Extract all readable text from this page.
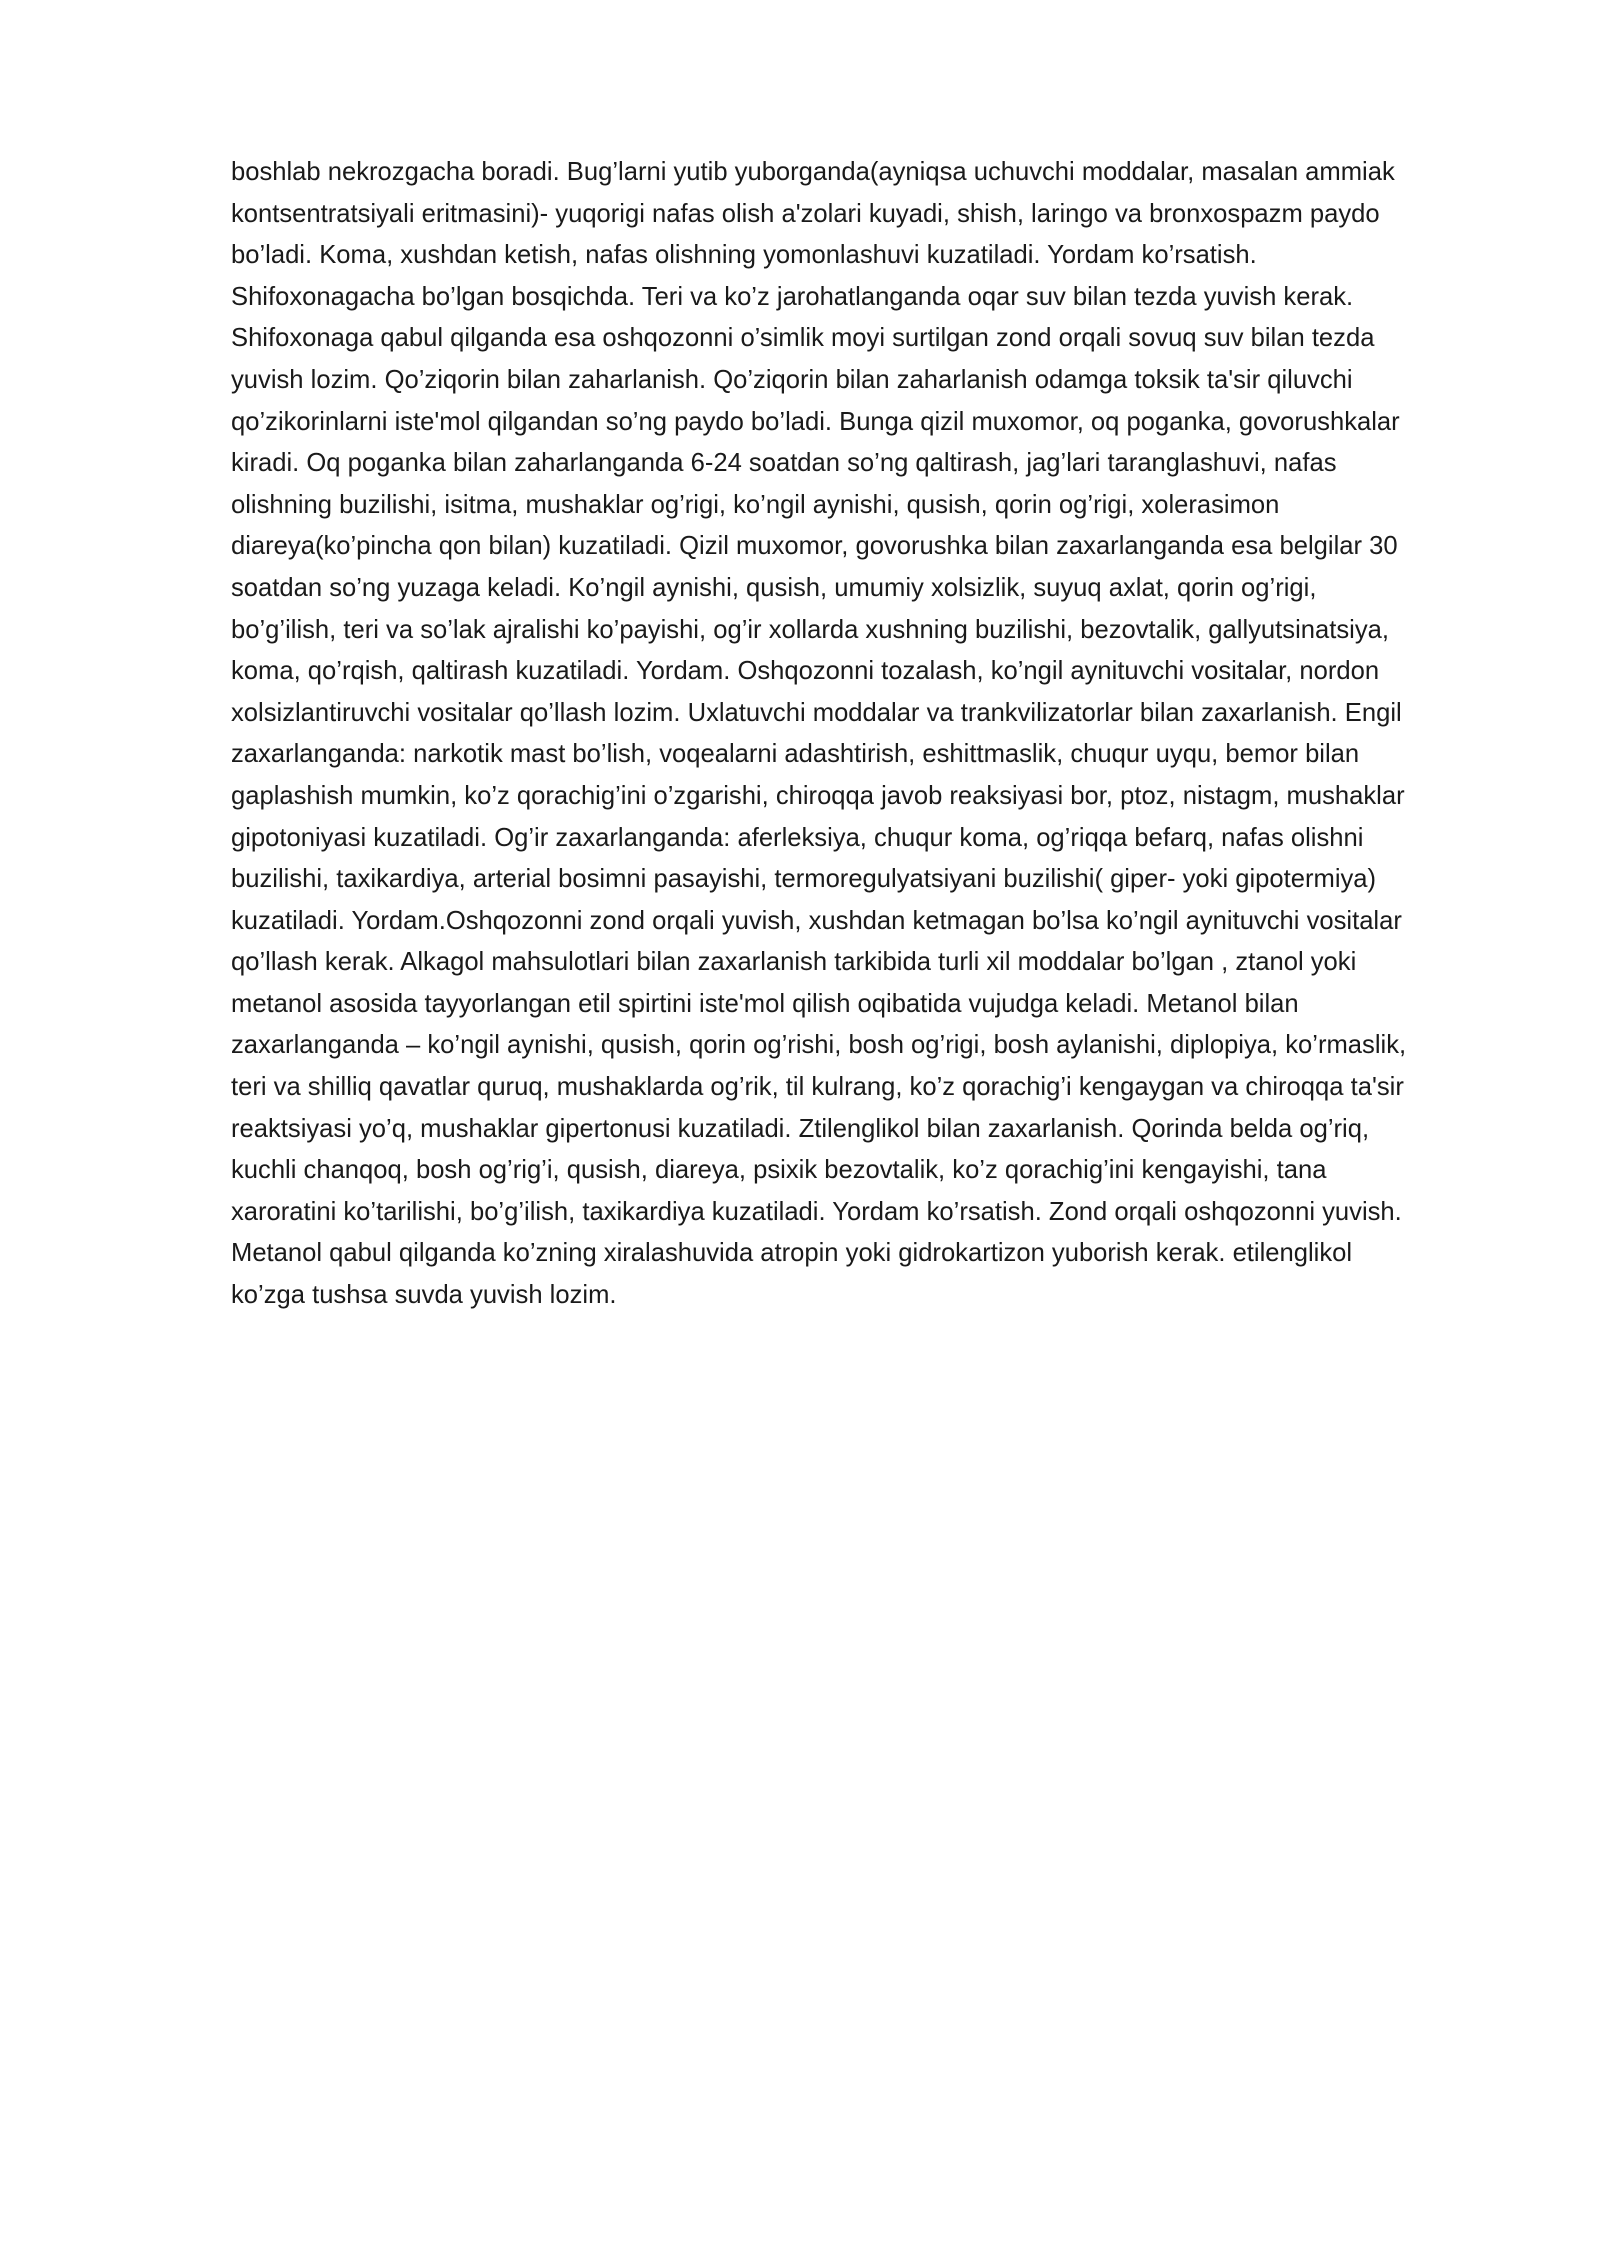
boshlab nekrozgacha boradi. Bug’larni yutib yuborganda(ayniqsa uchuvchi moddalar, masalan ammiak
kontsentratsiyali eritmasini)- yuqorigi nafas olish a'zolari kuyadi, shish, laringo va bronxospazm paydo
bo’ladi. Koma, xushdan ketish, nafas olishning yomonlashuvi kuzatiladi. Yordam ko’rsatish.
Shifoxonagacha bo’lgan bosqichda. Teri va ko’z jarohatlanganda oqar suv bilan tezda yuvish kerak.
Shifoxonaga qabul qilganda esa oshqozonni o’simlik moyi surtilgan zond orqali sovuq suv bilan tezda
yuvish lozim. Qo’ziqorin bilan zaharlanish. Qo’ziqorin bilan zaharlanish odamga toksik ta'sir qiluvchi
qo’zikorinlarni iste'mol qilgandan so’ng paydo bo’ladi. Bunga qizil muxomor, oq poganka, govorushkalar
kiradi. Oq poganka bilan zaharlanganda 6-24 soatdan so’ng qaltirash, jag’lari taranglashuvi, nafas
olishning buzilishi, isitma, mushaklar og’rigi, ko’ngil aynishi, qusish, qorin og’rigi, xolerasimon
diareya(ko’pincha qon bilan) kuzatiladi. Qizil muxomor, govorushka bilan zaxarlanganda esa belgilar 30
soatdan so’ng yuzaga keladi. Ko’ngil aynishi, qusish, umumiy xolsizlik, suyuq axlat, qorin og’rigi,
bo’g’ilish, teri va so’lak ajralishi ko’payishi, og’ir xollarda xushning buzilishi, bezovtalik, gallyutsinatsiya,
koma, qo’rqish, qaltirash kuzatiladi. Yordam. Oshqozonni tozalash, ko’ngil aynituvchi vositalar, nordon
xolsizlantiruvchi vositalar qo’llash lozim. Uxlatuvchi moddalar va trankvilizatorlar bilan zaxarlanish. Engil
zaxarlanganda: narkotik mast bo’lish, voqealarni adashtirish, eshittmaslik, chuqur uyqu, bemor bilan
gaplashish mumkin, ko’z qorachig’ini o’zgarishi, chiroqqa javob reaksiyasi bor, ptoz, nistagm, mushaklar
gipotoniyasi kuzatiladi. Og’ir zaxarlanganda: aferleksiya, chuqur koma, og’riqqa befarq, nafas olishni
buzilishi, taxikardiya, arterial bosimni pasayishi, termoregulyatsiyani buzilishi( giper- yoki gipotermiya)
kuzatiladi. Yordam.Oshqozonni zond orqali yuvish, xushdan ketmagan bo’lsa ko’ngil aynituvchi vositalar
qo’llash kerak. Alkagol mahsulotlari bilan zaxarlanish tarkibida turli xil moddalar bo’lgan , ztanol yoki
metanol asosida tayyorlangan etil spirtini iste'mol qilish oqibatida vujudga keladi. Metanol bilan
zaxarlanganda – ko’ngil aynishi, qusish, qorin og’rishi, bosh og’rigi, bosh aylanishi, diplopiya, ko’rmaslik,
teri va shilliq qavatlar quruq, mushaklarda og’rik, til kulrang, ko’z qorachig’i kengaygan va chiroqqa ta'sir
reaktsiyasi yo’q, mushaklar gipertonusi kuzatiladi. Ztilenglikol bilan zaxarlanish. Qorinda belda og’riq,
kuchli chanqoq, bosh og’rig’i, qusish, diareya, psixik bezovtalik, ko’z qorachig’ini kengayishi, tana
xaroratini ko’tarilishi, bo’g’ilish, taxikardiya kuzatiladi. Yordam ko’rsatish. Zond orqali oshqozonni yuvish.
Metanol qabul qilganda ko’zning xiralashuvida atropin yoki gidrokartizon yuborish kerak. etilenglikol
ko’zga tushsa suvda yuvish lozim.
